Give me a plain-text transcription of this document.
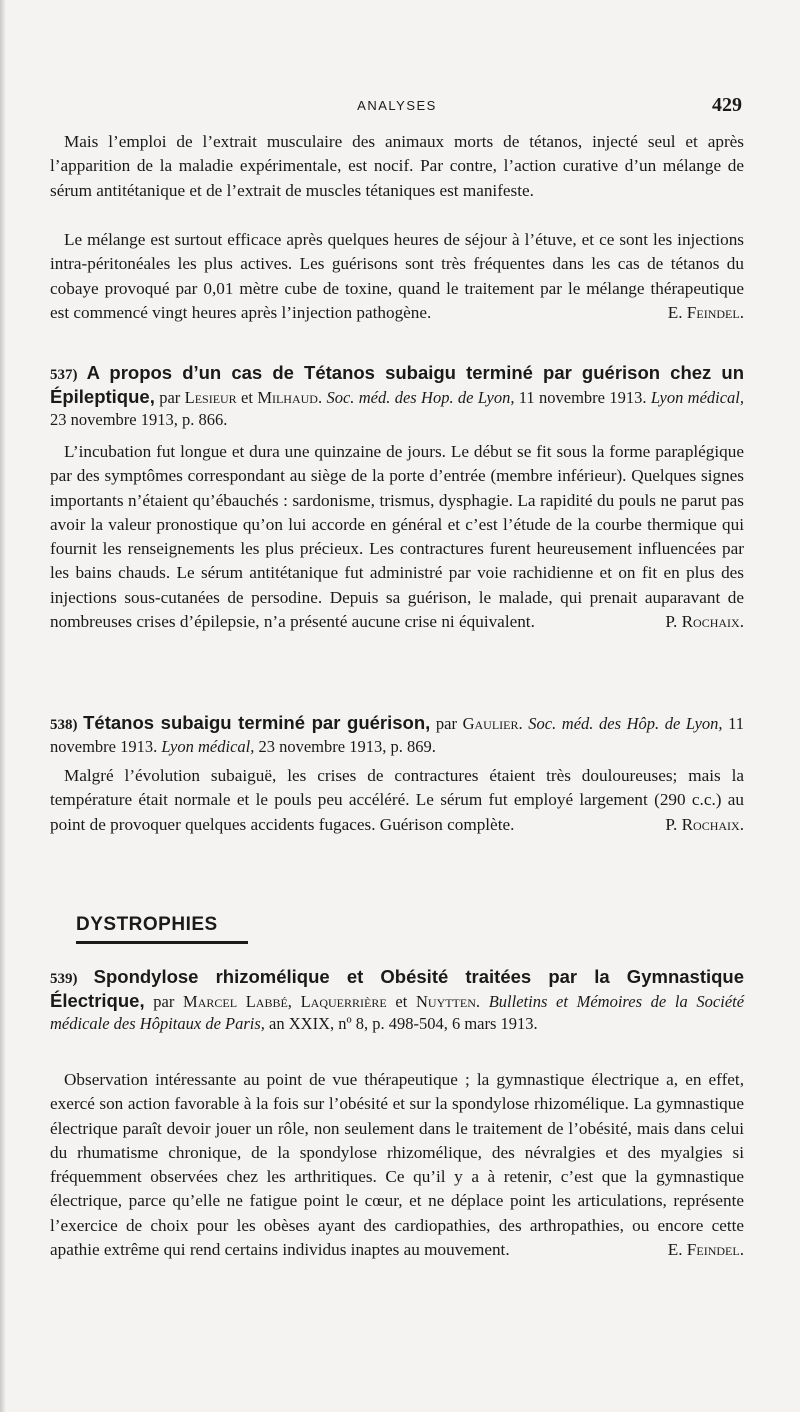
ANALYSES	429

Mais l’emploi de l’extrait musculaire des animaux morts de tétanos, injecté seul et après l’apparition de la maladie expérimentale, est nocif. Par contre, l’action curative d’un mélange de sérum antitétanique et de l’extrait de muscles tétaniques est manifeste.

Le mélange est surtout efficace après quelques heures de séjour à l’étuve, et ce sont les injections intra-péritonéales les plus actives. Les guérisons sont très fréquentes dans les cas de tétanos du cobaye provoqué par 0,01 mètre cube de toxine, quand le traitement par le mélange thérapeutique est commencé vingt heures après l’injection pathogène.	E. Feindel.

537) A propos d’un cas de Tétanos subaigu terminé par guérison chez un Épileptique, par Lesieur et Milhaud. Soc. méd. des Hop. de Lyon, 11 novembre 1913. Lyon médical, 23 novembre 1913, p. 866.

L’incubation fut longue et dura une quinzaine de jours. Le début se fit sous la forme paraplégique par des symptômes correspondant au siège de la porte d’entrée (membre inférieur). Quelques signes importants n’étaient qu’ébauchés : sardonisme, trismus, dysphagie. La rapidité du pouls ne parut pas avoir la valeur pronostique qu’on lui accorde en général et c’est l’étude de la courbe thermique qui fournit les renseignements les plus précieux. Les contractures furent heureusement influencées par les bains chauds. Le sérum antitétanique fut administré par voie rachidienne et on fit en plus des injections sous-cutanées de persodine. Depuis sa guérison, le malade, qui prenait auparavant de nombreuses crises d’épilepsie, n’a présenté aucune crise ni équivalent.	P. Rochaix.

538) Tétanos subaigu terminé par guérison, par Gaulier. Soc. méd. des Hôp. de Lyon, 11 novembre 1913. Lyon médical, 23 novembre 1913, p. 869.

Malgré l’évolution subaiguë, les crises de contractures étaient très douloureuses; mais la température était normale et le pouls peu accéléré. Le sérum fut employé largement (290 c.c.) au point de provoquer quelques accidents fugaces. Guérison complète.	P. Rochaix.

DYSTROPHIES
539) Spondylose rhizomélique et Obésité traitées par la Gymnastique Électrique, par Marcel Labbé, Laquerrière et Nuytten. Bulletins et Mémoires de la Société médicale des Hôpitaux de Paris, an XXIX, nº 8, p. 498-504, 6 mars 1913.

Observation intéressante au point de vue thérapeutique ; la gymnastique électrique a, en effet, exercé son action favorable à la fois sur l’obésité et sur la spondylose rhizomélique. La gymnastique électrique paraît devoir jouer un rôle, non seulement dans le traitement de l’obésité, mais dans celui du rhumatisme chronique, de la spondylose rhizomélique, des névralgies et des myalgies si fréquemment observées chez les arthritiques. Ce qu’il y a à retenir, c’est que la gymnastique électrique, parce qu’elle ne fatigue point le cœur, et ne déplace point les articulations, représente l’exercice de choix pour les obèses ayant des cardiopathies, des arthropathies, ou encore cette apathie extrême qui rend certains individus inaptes au mouvement.	E. Feindel.
